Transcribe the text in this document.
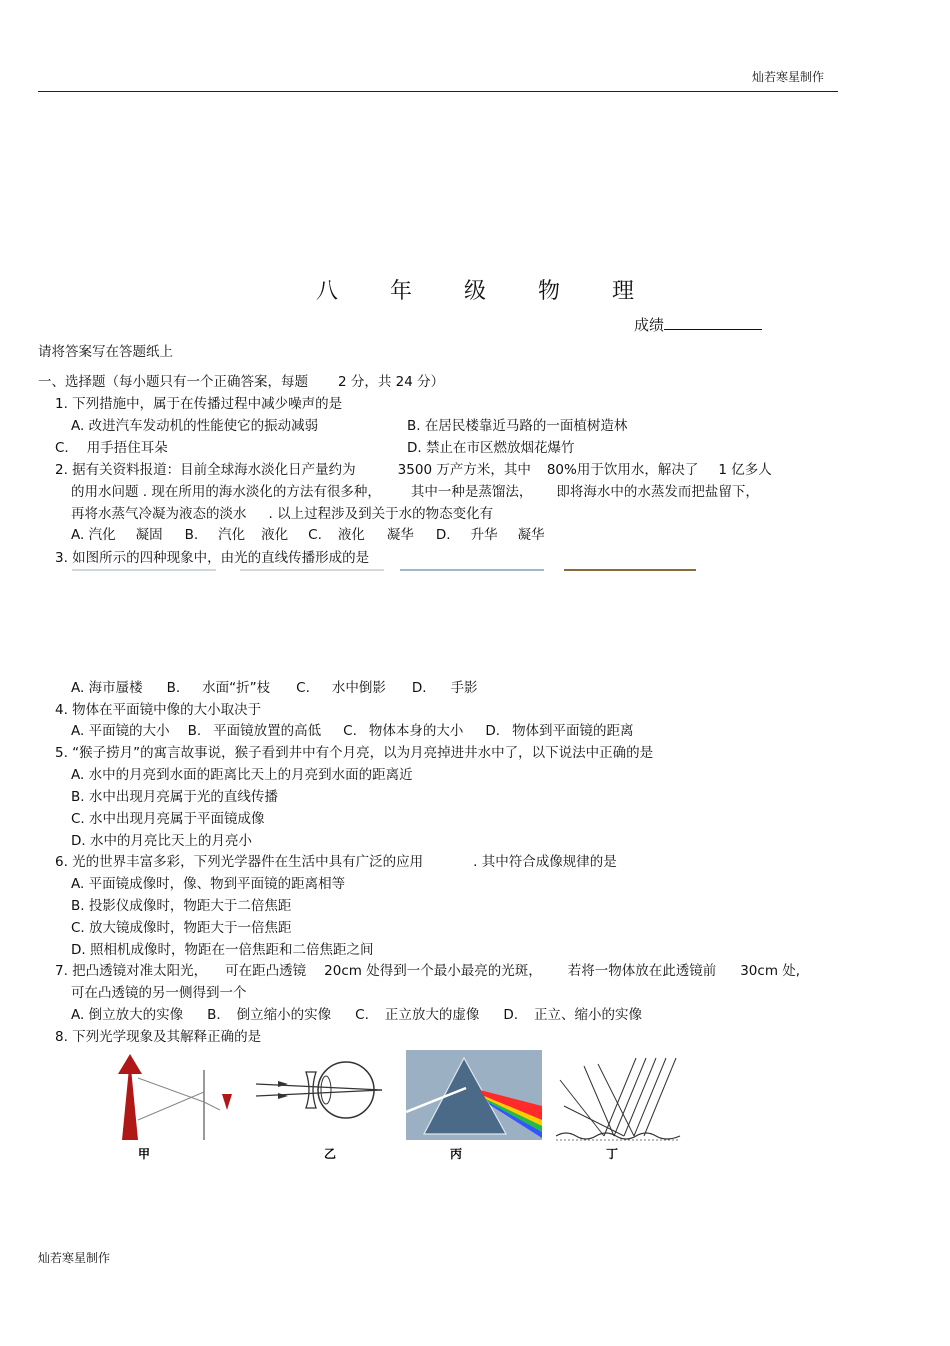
灿若寒星制作
八 年 级 物 理
成绩
请将答案写在答题纸上
一、选择题（每小题只有一个正确答案，每题 2 分，共 24 分）
1. 下列措施中，属于在传播过程中减少噪声的是
A. 改进汽车发动机的性能使它的振动减弱	B. 在居民楼靠近马路的一面植树造林
C. 用手捂住耳朵	D. 禁止在市区燃放烟花爆竹
2. 据有关资料报道：目前全球海水淡化日产量约为	3500 万产方米，其中 80%用于饮用水，解决了 1 亿多人
的用水问题 . 现在所用的海水淡化的方法有很多种， 其中一种是蒸馏法， 即将海水中的水蒸发而把盐留下，
再将水蒸气冷凝为液态的淡水 . 以上过程涉及到关于水的物态变化有
A. 汽化 凝固 B. 汽化 液化 C. 液化 凝华 D. 升华 凝华
3. 如图所示的四种现象中，由光的直线传播形成的是
A. 海市蜃楼 B. 水面“折”枝 C. 水中倒影 D. 手影
4. 物体在平面镜中像的大小取决于
A. 平面镜的大小 B. 平面镜放置的高低 C. 物体本身的大小 D. 物体到平面镜的距离
5. “猴子捞月”的寓言故事说，猴子看到井中有个月亮，以为月亮掉进井水中了，以下说法中正确的是
A. 水中的月亮到水面的距离比天上的月亮到水面的距离近
B. 水中出现月亮属于光的直线传播
C. 水中出现月亮属于平面镜成像
D. 水中的月亮比天上的月亮小
6. 光的世界丰富多彩，下列光学器件在生活中具有广泛的应用	. 其中符合成像规律的是
A. 平面镜成像时，像、物到平面镜的距离相等
B. 投影仪成像时，物距大于二倍焦距
C. 放大镜成像时，物距大于一倍焦距
D. 照相机成像时，物距在一倍焦距和二倍焦距之间
7. 把凸透镜对准太阳光， 可在距凸透镜 20cm 处得到一个最小最亮的光斑， 若将一物体放在此透镜前 30cm 处,
可在凸透镜的另一侧得到一个
A. 倒立放大的实像 B. 倒立缩小的实像 C. 正立放大的虚像 D. 正立、缩小的实像
8. 下列光学现象及其解释正确的是
甲	乙	丙	丁
灿若寒星制作
